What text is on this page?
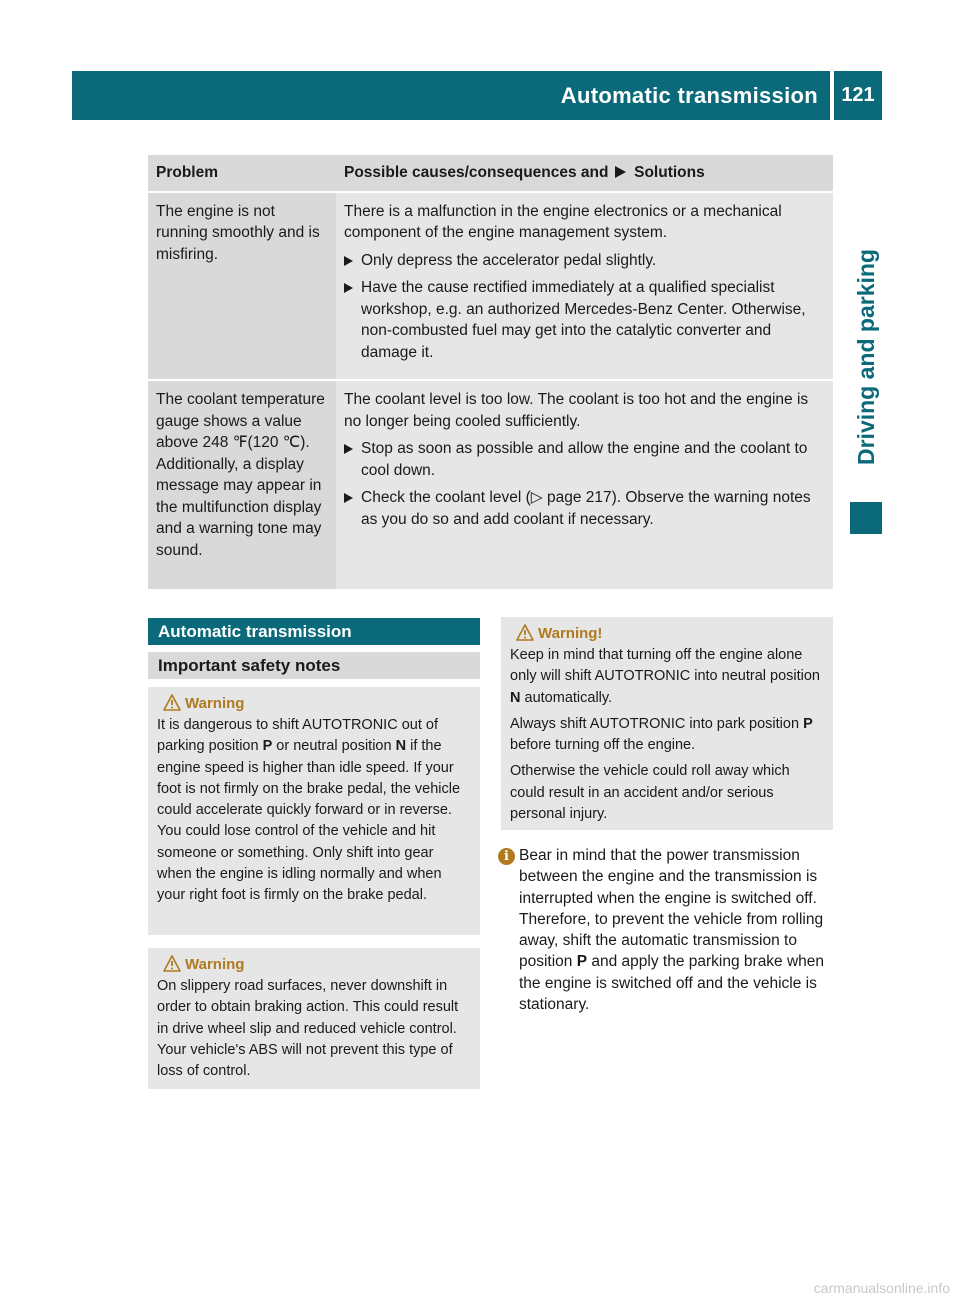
Automatic transmission	121
Driving and parking
Problem	Possible causes/consequences and Solutions
The engine is not running smoothly and is misfiring.	There is a malfunction in the engine electronics or a mechanical component of the engine management system.

Only depress the accelerator pedal slightly.
Have the cause rectified immediately at a qualified specialist workshop, e.g. an authorized Mercedes-Benz Center. Otherwise, non-combusted fuel may get into the catalytic converter and damage it.

The coolant temperature gauge shows a value above 248 ℉(120 ℃). Additionally, a display message may appear in the multifunction display and a warning tone may sound.	The coolant level is too low. The coolant is too hot and the engine is no longer being cooled sufficiently.

Stop as soon as possible and allow the engine and the coolant to cool down.
Check the coolant level (▷ page 217). Observe the warning notes as you do so and add coolant if necessary.
Automatic transmission
Important safety notes
Warning

It is dangerous to shift AUTOTRONIC out of parking position P or neutral position N if the engine speed is higher than idle speed. If your foot is not firmly on the brake pedal, the vehicle could accelerate quickly forward or in reverse. You could lose control of the vehicle and hit someone or something. Only shift into gear when the engine is idling normally and when your right foot is firmly on the brake pedal.

Warning

On slippery road surfaces, never downshift in order to obtain braking action. This could result in drive wheel slip and reduced vehicle control. Your vehicle's ABS will not prevent this type of loss of control.

Warning!

Keep in mind that turning off the engine alone only will shift AUTOTRONIC into neutral position N automatically.

Always shift AUTOTRONIC into park position P before turning off the engine.

Otherwise the vehicle could roll away which could result in an accident and/or serious personal injury.

i Bear in mind that the power transmission between the engine and the transmission is interrupted when the engine is switched off. Therefore, to prevent the vehicle from rolling away, shift the automatic transmission to position P and apply the parking brake when the engine is switched off and the vehicle is stationary.
carmanualsonline.info
